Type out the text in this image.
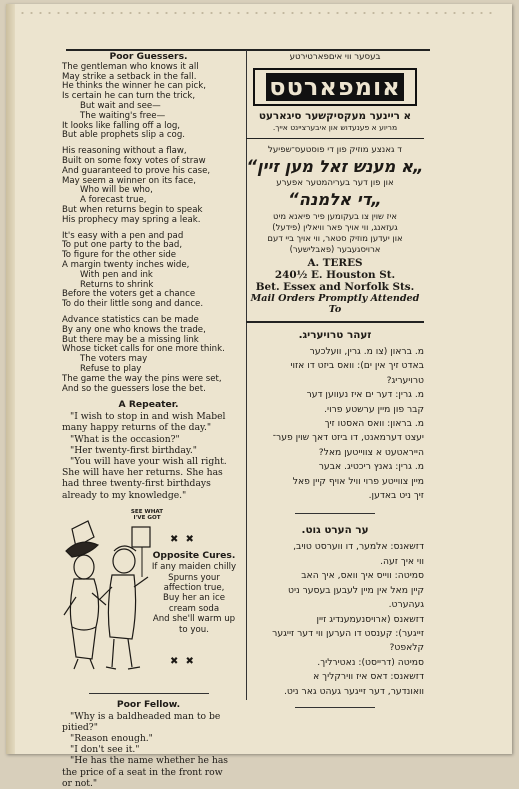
Poor Guessers.
The gentleman who knows it all
May strike a setback in the fall.
He thinks the winner he can pick,
Is certain he can turn the trick,
But wait and see—
The waiting's free—
It looks like falling off a log,
But able prophets slip a cog.
His reasoning without a flaw,
Built on some foxy votes of straw
And guaranteed to prove his case,
May seem a winner on its face,
Who will be who,
A forecast true,
But when returns begin to speak
His prophecy may spring a leak.
It's easy with a pen and pad
To put one party to the bad,
To figure for the other side
A margin twenty inches wide,
With pen and ink
Returns to shrink
Before the voters get a chance
To do their little song and dance.
Advance statistics can be made
By any one who knows the trade,
But there may be a missing link
Whose ticket calls for one more think.
The voters may
Refuse to play
The game the way the pins were set,
And so the guessers lose the bet.
A Repeater.
"I wish to stop in and wish Mabel many happy returns of the day."
"What is the occasion?"
"Her twenty-first birthday."
"You will have your wish all right. She will have her returns. She has had three twenty-first birthdays already to my knowledge."
SEE WHAT I'VE GOT
✖ ✖
Opposite Cures.
If any maiden chilly
Spurns your affection true,
Buy her an ice cream soda
And she'll warm up to you.
✖ ✖
Poor Fellow.
"Why is a baldheaded man to be pitied?"
"Reason enough."
"I don't see it."
"He has the name whether he has the price of a seat in the front row or not."
בעסער ווי איםפארטירטע
אומפארטס
א ריינער מעקסיקשער סיגארעט
מריוע א פענעדוש און איבערציינט אייך.
ד גאנצע מוזיק פון די פוסטעס־שפיעל
„א מענש זאל מען זיין“
און פון דער בעריהמטער אפערע
„די אלמנה“
איז שוין צו בעקומען פיר פיאנא מיט
געזאנג, ווי אויך פאר וויאלין (פידעל)
און יעדען מוזיק סטאר, ווי אויך ביי דעם
ארויסגעבער (פאבלישער)
A. TERES
240½ E. Houston St.
Bet. Essex and Norfolk Sts.
Mail Orders Promptly Attended To
זעהר טרויעריג.
מ. בראון (צו מ. גרין, וועלכער
באדט זיך אין ים): וואס ביזט דו אזוי
טרויעריג?
מ. גרין: דער ים איז נעווען דער
קבר פון מיין ערשטע פרוי.
מ. בראון: וואס האסטו זיך
יעצט דערמאנט, דו ביזט דאך שוין פער־
הייראטעט א צווייטען מאל?
מ. גרין: גאנץ ריכטיג. אבער
מיין צווייטע פרוי וויל אויף קיין פאל
זיך ניט באדען.
ער הערט גוט.
דזשאנס: אלמער, דו ווערסט טויב,
ווי איך זעה.
סמיטה: ווייס איך וואס, איך האב
קיין מאל אין מיין לעבען בעסער ניט
געהערט.
דזשאנס (ארויסנעמענדיג זיין
זייגער): קענסט דו הערען ווי דער זייגער
קלאפט?
סמיטה (דרייסט): נאטירליך.
דזשאנס: דאס איז ווירקליך א
וואונדער, דער זייגער געהט גאר ניט.
